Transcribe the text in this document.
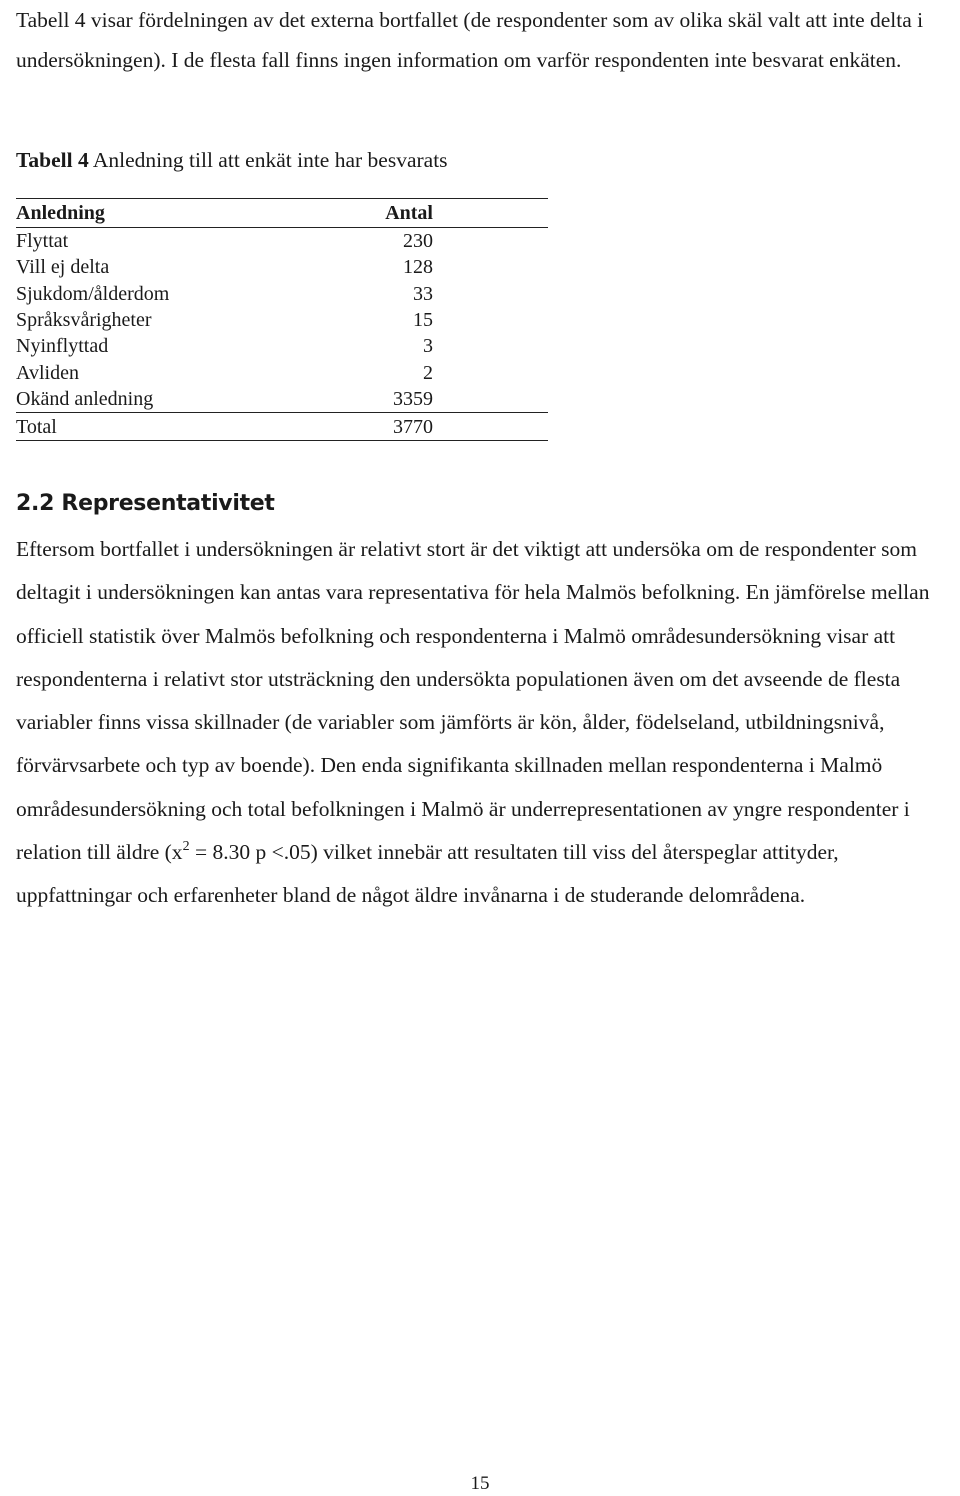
Tabell 4 visar fördelningen av det externa bortfallet (de respondenter som av olika skäl valt att inte delta i undersökningen). I de flesta fall finns ingen information om varför respondenten inte besvarat enkäten.

Tabell 4 Anledning till att enkät inte har besvarats

Anledning	Antal	
Flyttat	230	
Vill ej delta	128	
Sjukdom/ålderdom	33	
Språksvårigheter	15	
Nyinflyttad	3	
Avliden	2	
Okänd anledning	3359	
Total	3770	
2.2 Representativitet

Eftersom bortfallet i undersökningen är relativt stort är det viktigt att undersöka om de respondenter som deltagit i undersökningen kan antas vara representativa för hela Malmös befolkning. En jämförelse mellan officiell statistik över Malmös befolkning och respondenterna i Malmö områdesundersökning visar att respondenterna i relativt stor utsträckning den undersökta populationen även om det avseende de flesta variabler finns vissa skillnader (de variabler som jämförts är kön, ålder, födelseland, utbildningsnivå, förvärvsarbete och typ av boende). Den enda signifikanta skillnaden mellan respondenterna i Malmö områdesundersökning och total befolkningen i Malmö är underrepresentationen av yngre respondenter i relation till äldre ($x^2 = 8.30$ p <.05) vilket innebär att resultaten till viss del återspeglar attityder, uppfattningar och erfarenheter bland de något äldre invånarna i de studerande delområdena.

15
